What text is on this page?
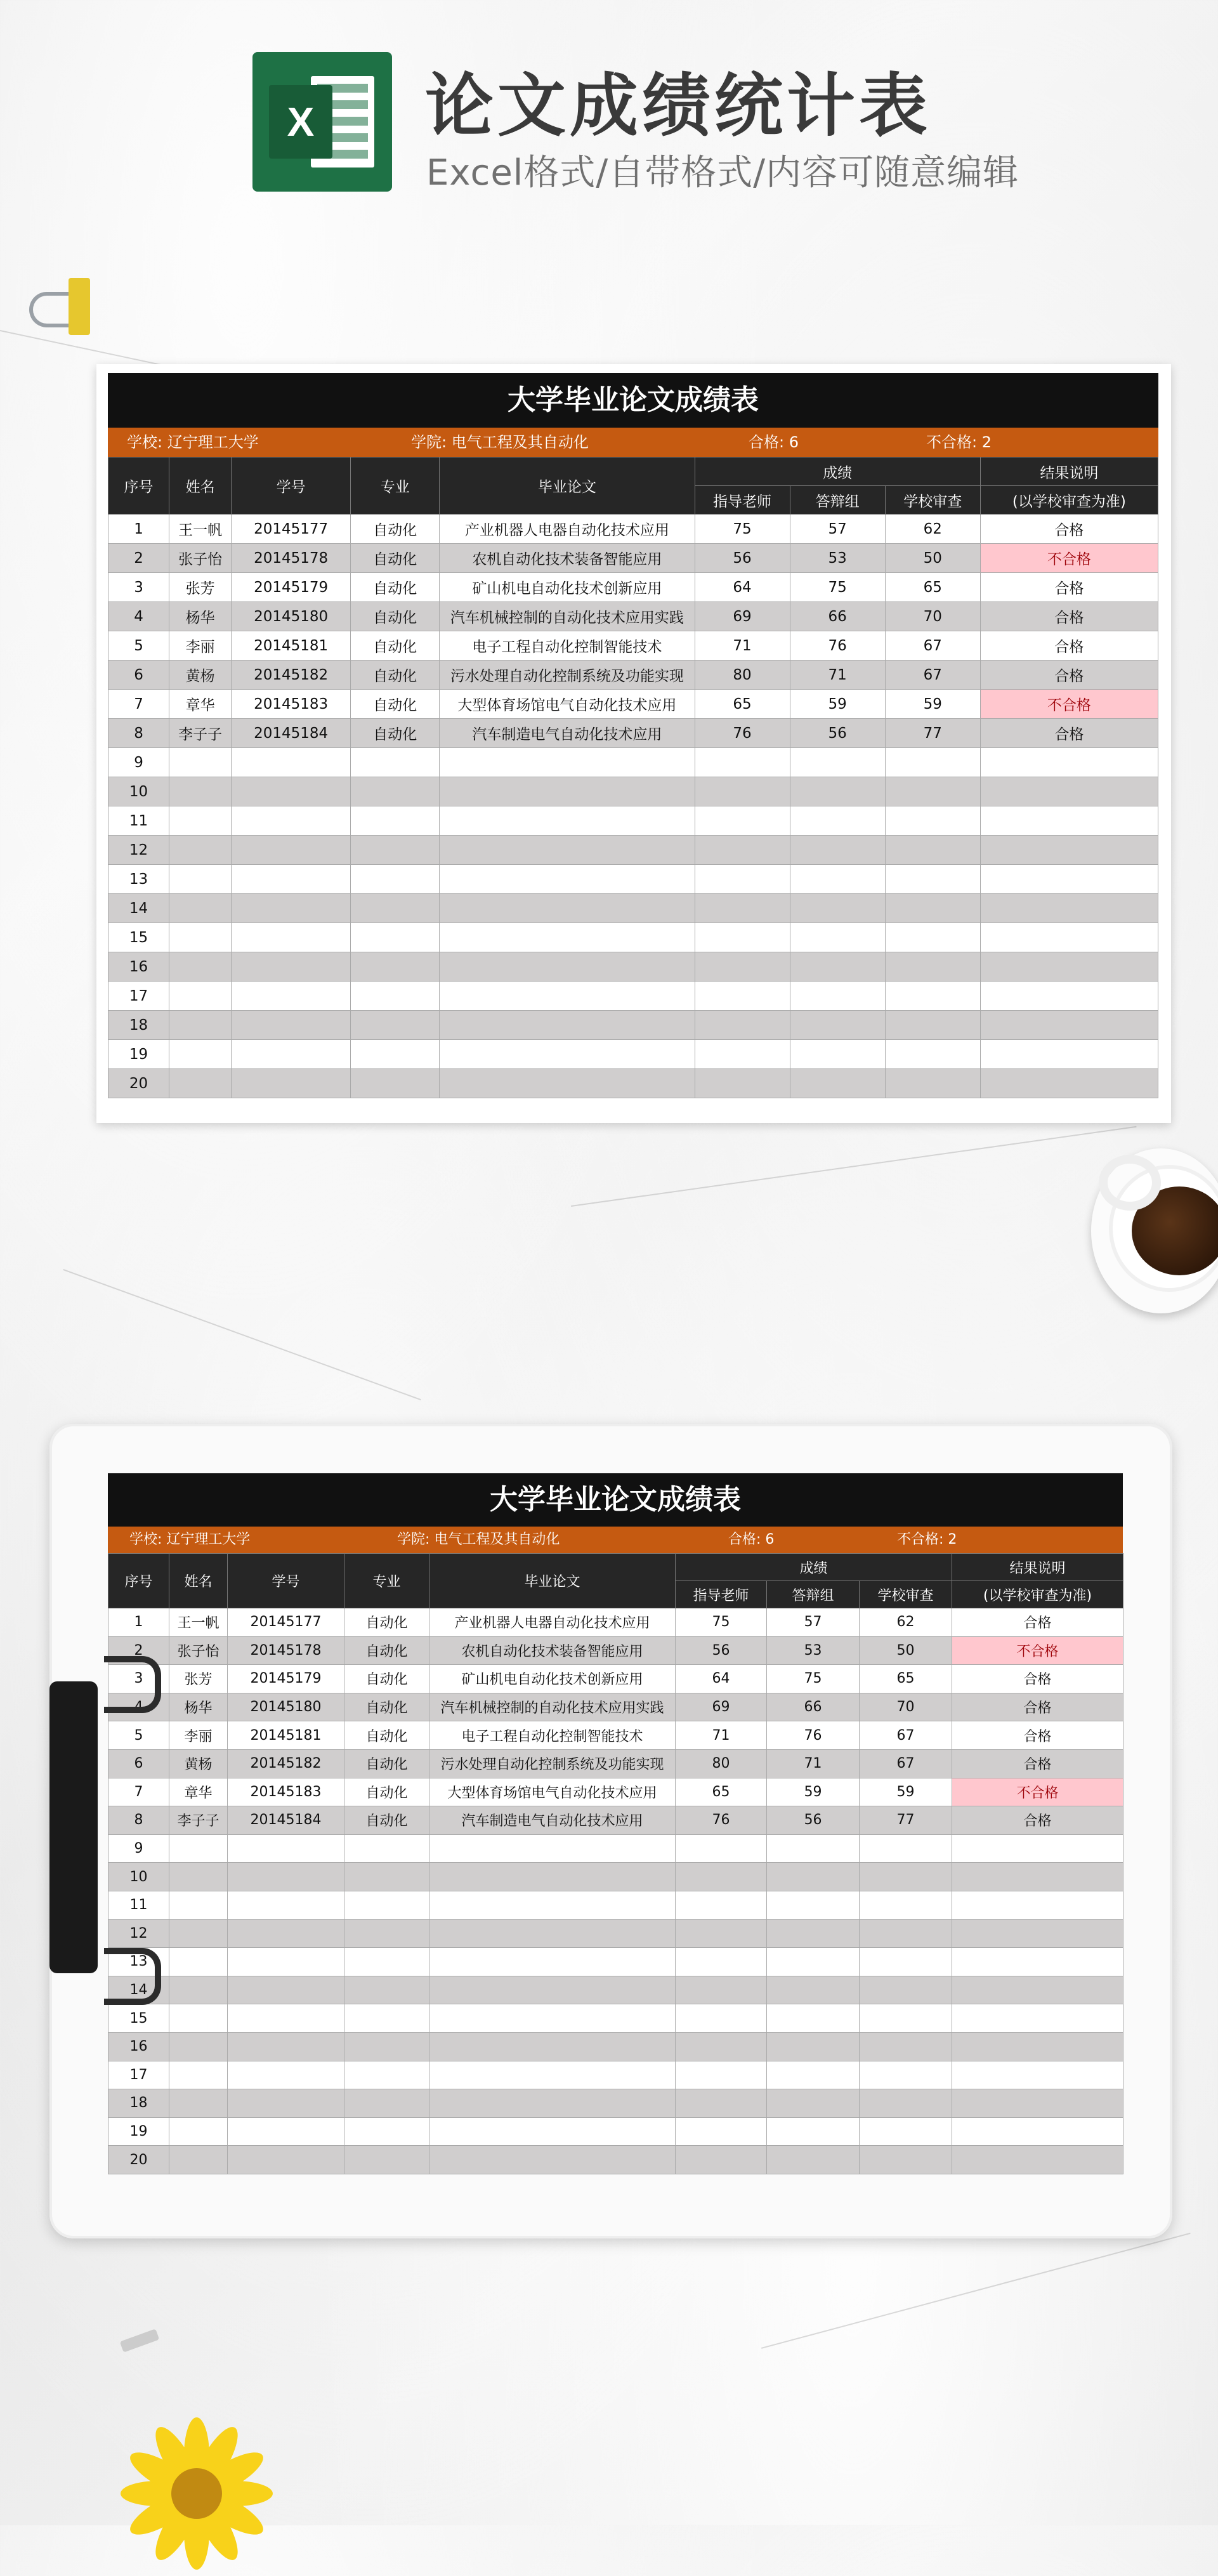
X 论文成绩统计表
Excel格式/自带格式/内容可随意编辑
大学毕业论文成绩表
学校: 辽宁理工大学	学院: 电气工程及其自动化	合格: 6	不合格: 2
序号	姓名	学号	专业	毕业论文	成绩			结果说明
					指导老师	答辩组	学校审查	(以学校审查为准)
1	王一帆	20145177	自动化	产业机器人电器自动化技术应用	75	57	62	合格
2	张子怡	20145178	自动化	农机自动化技术装备智能应用	56	53	50	不合格
3	张芳	20145179	自动化	矿山机电自动化技术创新应用	64	75	65	合格
4	杨华	20145180	自动化	汽车机械控制的自动化技术应用实践	69	66	70	合格
5	李丽	20145181	自动化	电子工程自动化控制智能技术	71	76	67	合格
6	黄杨	20145182	自动化	污水处理自动化控制系统及功能实现	80	71	67	合格
7	章华	20145183	自动化	大型体育场馆电气自动化技术应用	65	59	59	不合格
8	李子子	20145184	自动化	汽车制造电气自动化技术应用	76	56	77	合格
9								
10								
11								
12								
13								
14								
15								
16								
17								
18								
19								
20								
大学毕业论文成绩表
学校: 辽宁理工大学	学院: 电气工程及其自动化	合格: 6	不合格: 2
序号	姓名	学号	专业	毕业论文	成绩			结果说明
					指导老师	答辩组	学校审查	(以学校审查为准)
1	王一帆	20145177	自动化	产业机器人电器自动化技术应用	75	57	62	合格
2	张子怡	20145178	自动化	农机自动化技术装备智能应用	56	53	50	不合格
3	张芳	20145179	自动化	矿山机电自动化技术创新应用	64	75	65	合格
4	杨华	20145180	自动化	汽车机械控制的自动化技术应用实践	69	66	70	合格
5	李丽	20145181	自动化	电子工程自动化控制智能技术	71	76	67	合格
6	黄杨	20145182	自动化	污水处理自动化控制系统及功能实现	80	71	67	合格
7	章华	20145183	自动化	大型体育场馆电气自动化技术应用	65	59	59	不合格
8	李子子	20145184	自动化	汽车制造电气自动化技术应用	76	56	77	合格
9								
10								
11								
12								
13								
14								
15								
16								
17								
18								
19								
20								
